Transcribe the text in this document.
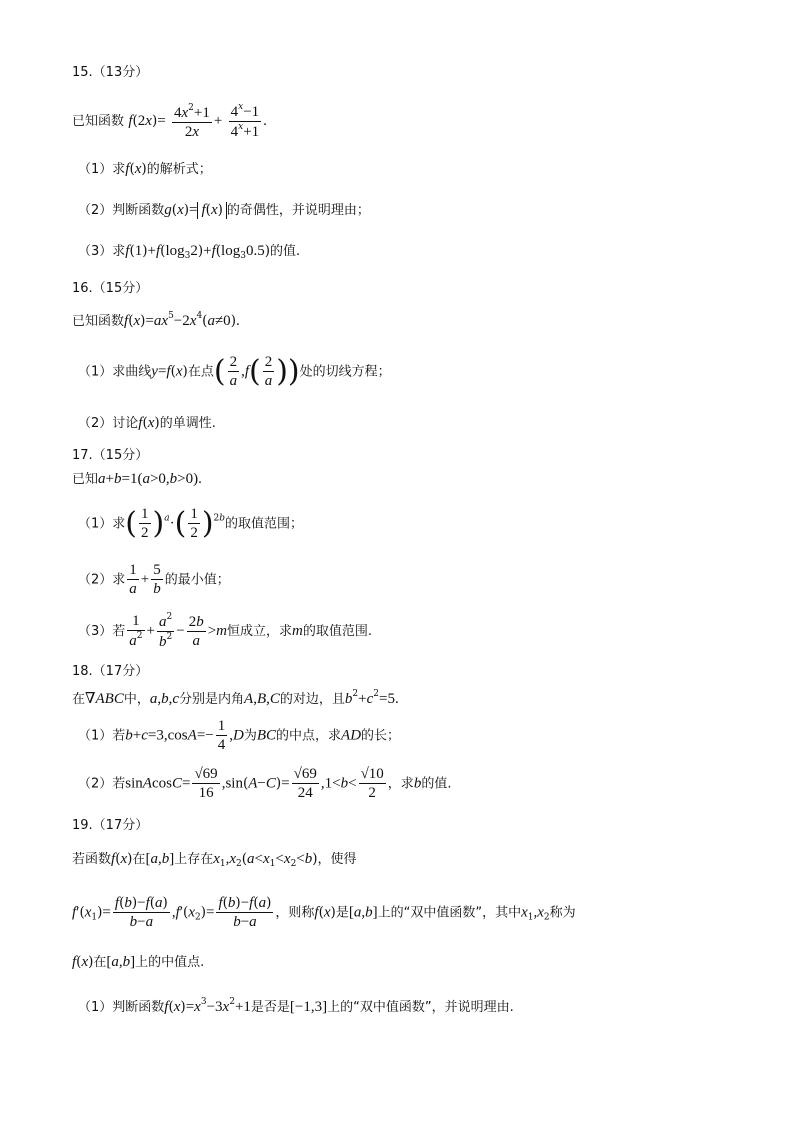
15.（13分）
已知函数 $f(2x)= \frac{4x^2+1}{2x} + \frac{4^x-1}{4^x+1}$ .
（1）求f(x)的解析式；
（2）判断函数g(x)= f(x) 的奇偶性，并说明理由；
（3）求$f(1)+f(\log_32)+f(\log_30.5)$的值.
16.（15分）
已知函数$f(x)=ax^5-2x^4(a\ne 0)$.
（1）求曲线y=f(x)在点( $\frac{2}{a} ,f( \frac{2}{a}$ ))处的切线方程；
（2）讨论f(x)的单调性.
17.（15分）
已知a+b=1(a>0,b>0).
（1）求( $\frac{1}{2} )^a\cdot( \frac{1}{2} )^{2b}$的取值范围；
（2）求 $\frac{1}{a} + \frac{5}{b}$ 的最小值；
（3）若 $\frac{1}{a^2} + \frac{a^2}{b^2} - \frac{2b}{a} >m$恒成立，求m的取值范围.
18.（17分）
在∇ABC中，a,b,c分别是内角A,B,C的对边，且$b^2+c^2=5$.
（1）若$b+c=3,\cos A=- \frac{1}{4} ,D$为BC的中点，求AD的长；
（2）若sinAcosC= $\frac{√69}{16} ,\sin(A-C)= \frac{√69}{24} ,1<b< \frac{√10}{2}$ ，求b的值.
19.（17分）
若函数f(x)在[a,b]上存在$x_1,x_2(a<x_1<x_2<b)$，使得
$f'(x_1)= \frac{f(b)-f(a)}{b-a} ,f'(x_2)= \frac{f(b)-f(a)}{b-a}$ ，则称f(x)是[a,b]上的“双中值函数”，其中$x_1,x_2$称为
f(x)在[a,b]上的中值点.
（1）判断函数$f(x)=x^3-3x^2+1$是否是[−1,3]上的“双中值函数”，并说明理由.
